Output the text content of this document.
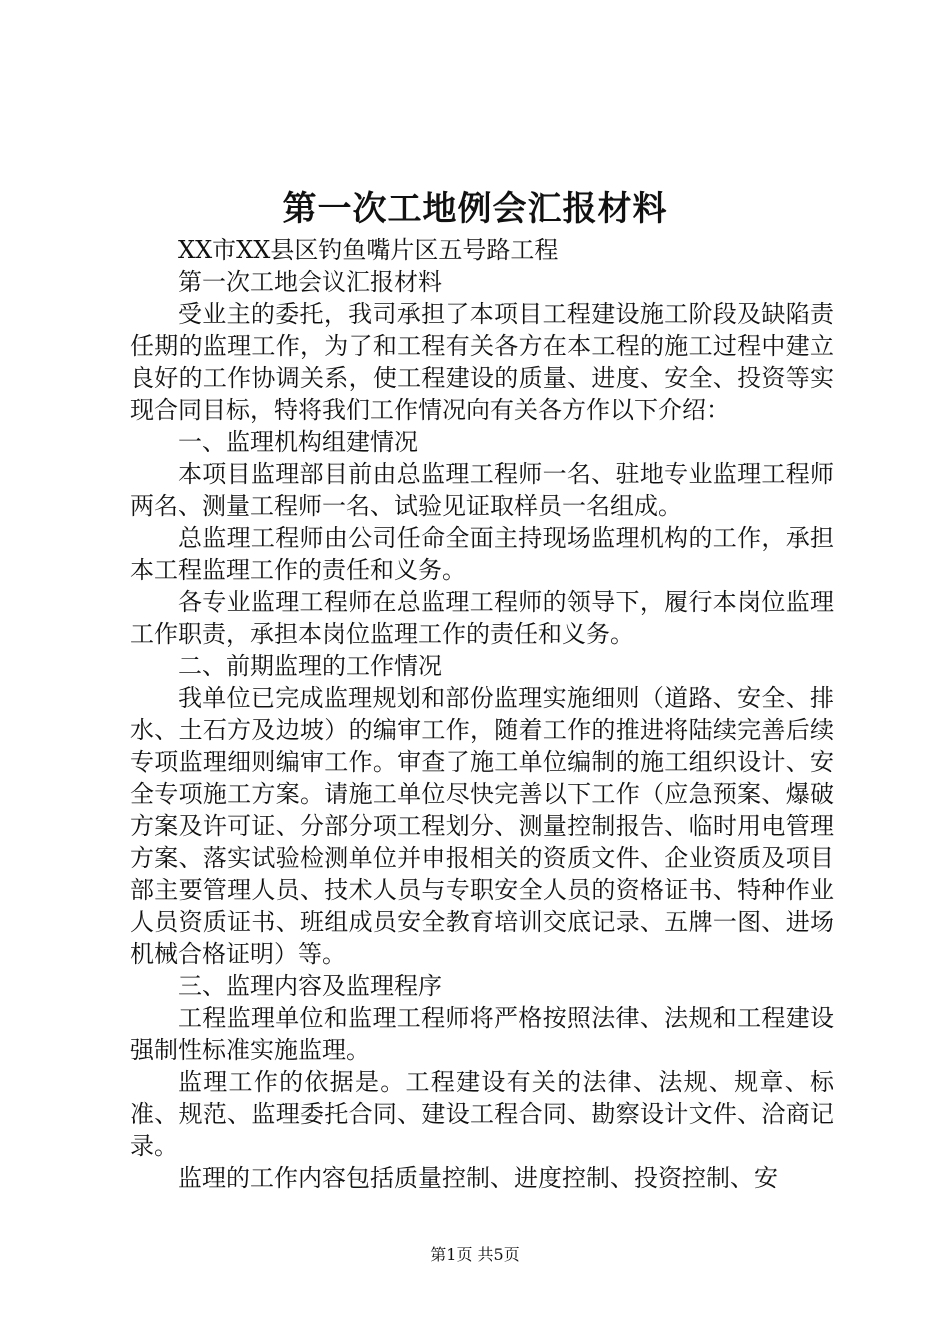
第一次工地例会汇报材料

XX市XX县区钓鱼嘴片区五号路工程

第一次工地会议汇报材料

受业主的委托，我司承担了本项目工程建设施工阶段及缺陷责任期的监理工作，为了和工程有关各方在本工程的施工过程中建立良好的工作协调关系，使工程建设的质量、进度、安全、投资等实现合同目标，特将我们工作情况向有关各方作以下介绍：

一、监理机构组建情况

本项目监理部目前由总监理工程师一名、驻地专业监理工程师两名、测量工程师一名、试验见证取样员一名组成。

总监理工程师由公司任命全面主持现场监理机构的工作，承担本工程监理工作的责任和义务。

各专业监理工程师在总监理工程师的领导下，履行本岗位监理工作职责，承担本岗位监理工作的责任和义务。

二、前期监理的工作情况

我单位已完成监理规划和部份监理实施细则（道路、安全、排水、土石方及边坡）的编审工作，随着工作的推进将陆续完善后续专项监理细则编审工作。审查了施工单位编制的施工组织设计、安全专项施工方案。请施工单位尽快完善以下工作（应急预案、爆破方案及许可证、分部分项工程划分、测量控制报告、临时用电管理方案、落实试验检测单位并申报相关的资质文件、企业资质及项目部主要管理人员、技术人员与专职安全人员的资格证书、特种作业人员资质证书、班组成员安全教育培训交底记录、五牌一图、进场机械合格证明）等。

三、监理内容及监理程序

工程监理单位和监理工程师将严格按照法律、法规和工程建设强制性标准实施监理。

监理工作的依据是。工程建设有关的法律、法规、规章、标准、规范、监理委托合同、建设工程合同、勘察设计文件、洽商记录。

监理的工作内容包括质量控制、进度控制、投资控制、安

第1页 共5页
